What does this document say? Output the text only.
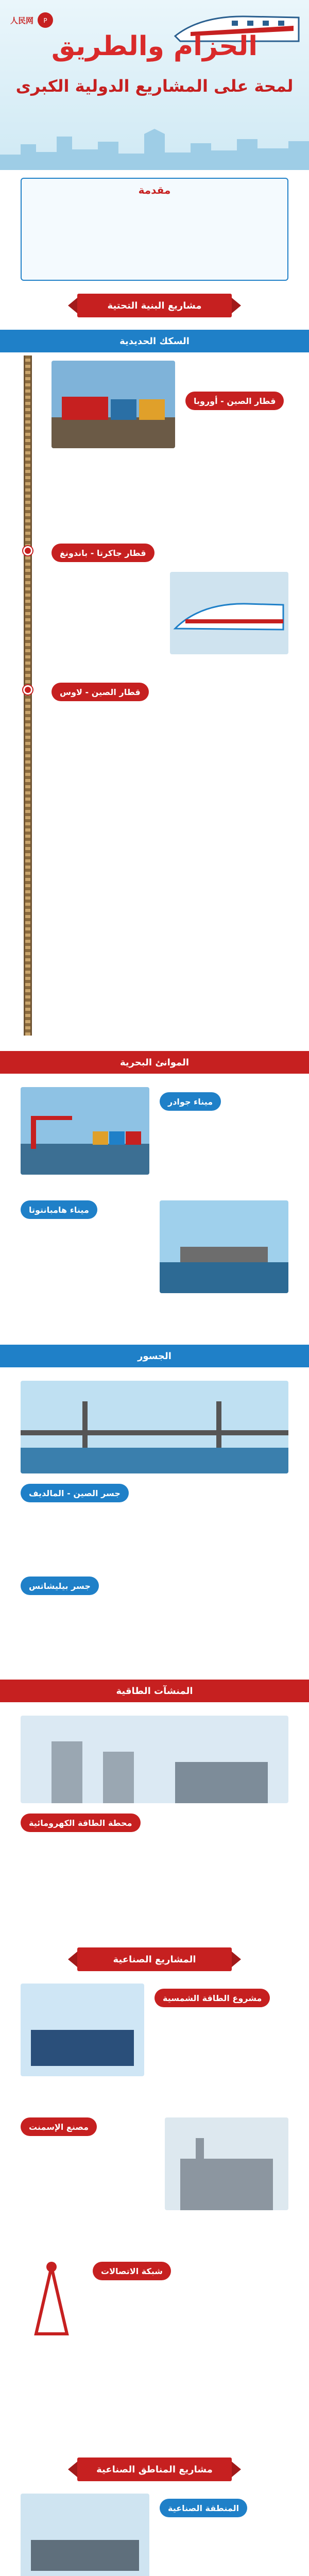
P
人民网
الحزام والطريق
لمحة على المشاريع الدولية الكبرى
مقدمة
مشاريع البنية التحتية
السكك الحديدية
قطار الصين - أوروبا
قطار جاكرتا - باندونغ
قطار الصين - لاوس
الموانئ البحرية
ميناء جوادر
ميناء هامبانتوتا
الجسور
جسر الصين - المالديف
جسر بيليشاتس
المنشآت الطاقية
محطة الطاقة الكهرومائية
المشاريع الصناعية
مشروع الطاقة الشمسية
مصنع الإسمنت
شبكة الاتصالات
مشاريع المناطق الصناعية
المنطقة الصناعية
